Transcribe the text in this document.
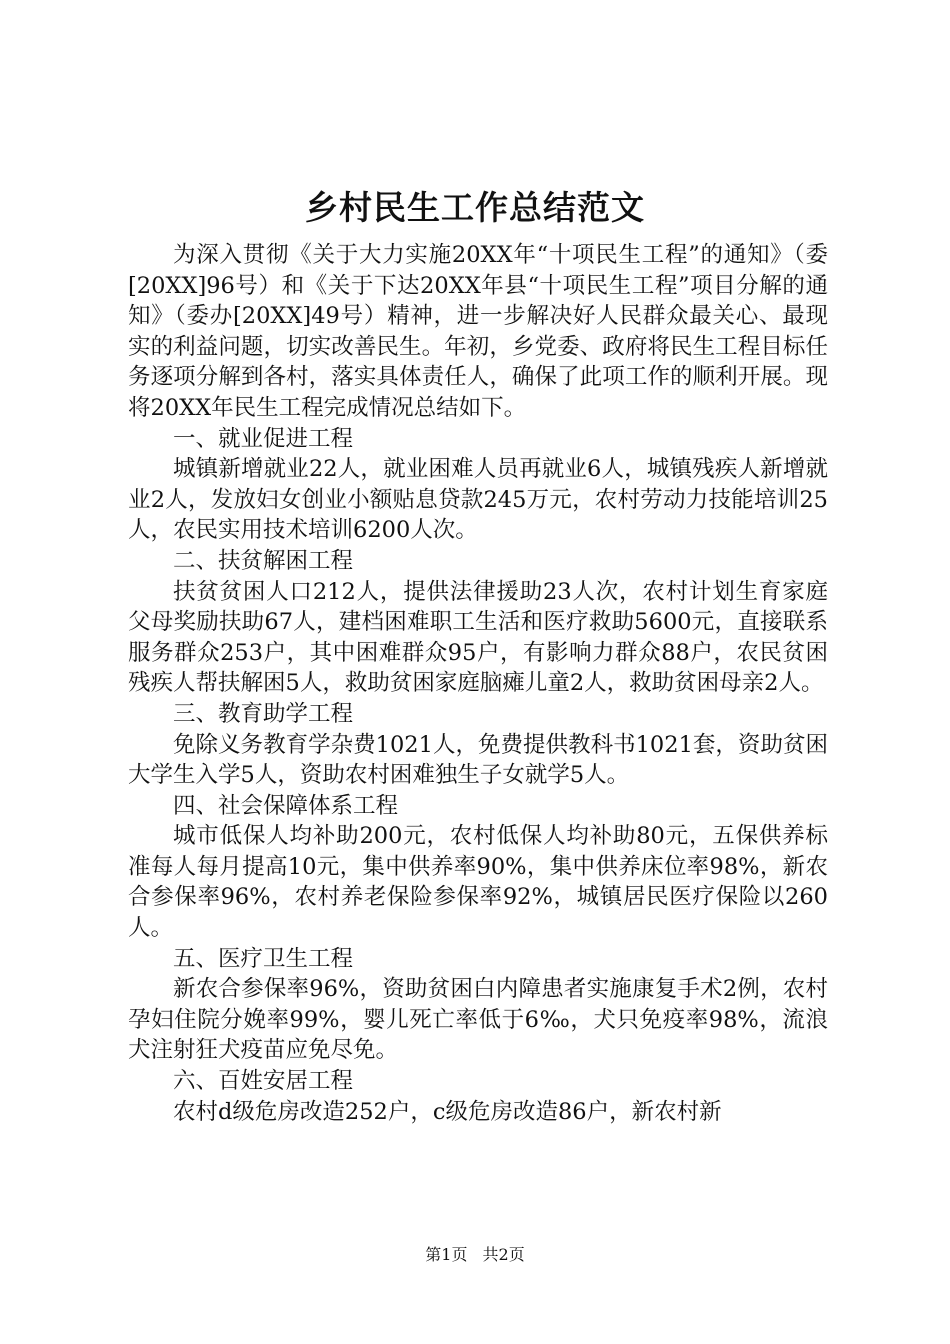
乡村民生工作总结范文

为深入贯彻《关于大力实施20XX年“十项民生工程”的通知》（委[20XX]96号）和《关于下达20XX年县“十项民生工程”项目分解的通知》（委办[20XX]49号）精神，进一步解决好人民群众最关心、最现实的利益问题，切实改善民生。年初，乡党委、政府将民生工程目标任务逐项分解到各村，落实具体责任人，确保了此项工作的顺利开展。现将20XX年民生工程完成情况总结如下。

一、就业促进工程

城镇新增就业22人，就业困难人员再就业6人，城镇残疾人新增就业2人，发放妇女创业小额贴息贷款245万元，农村劳动力技能培训25人，农民实用技术培训6200人次。

二、扶贫解困工程

扶贫贫困人口212人，提供法律援助23人次，农村计划生育家庭父母奖励扶助67人，建档困难职工生活和医疗救助5600元，直接联系服务群众253户，其中困难群众95户，有影响力群众88户，农民贫困残疾人帮扶解困5人，救助贫困家庭脑瘫儿童2人，救助贫困母亲2人。

三、教育助学工程

免除义务教育学杂费1021人，免费提供教科书1021套，资助贫困大学生入学5人，资助农村困难独生子女就学5人。

四、社会保障体系工程

城市低保人均补助200元，农村低保人均补助80元，五保供养标准每人每月提高10元，集中供养率90%，集中供养床位率98%，新农合参保率96%，农村养老保险参保率92%，城镇居民医疗保险以260人。

五、医疗卫生工程

新农合参保率96%，资助贫困白内障患者实施康复手术2例，农村孕妇住院分娩率99%，婴儿死亡率低于6‰，犬只免疫率98%，流浪犬注射狂犬疫苗应免尽免。

六、百姓安居工程

农村d级危房改造252户，c级危房改造86户，新农村新

第1页 共2页
